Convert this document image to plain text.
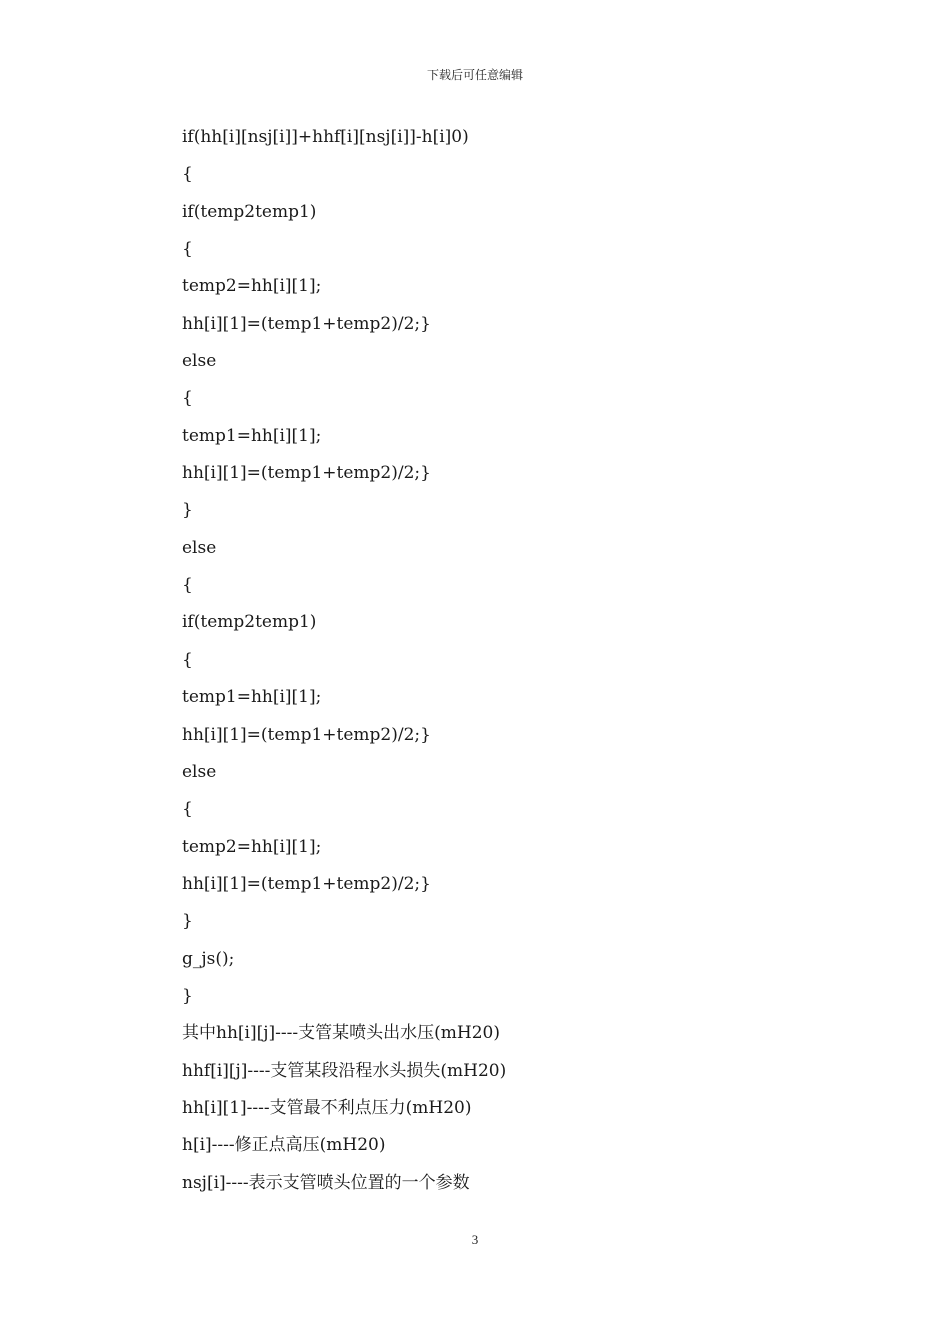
下载后可任意编辑
if(hh[i][nsj[i]]+hhf[i][nsj[i]]-h[i]0)
{
if(temp2temp1)
{
temp2=hh[i][1];
hh[i][1]=(temp1+temp2)/2;}
else
{
temp1=hh[i][1];
hh[i][1]=(temp1+temp2)/2;}
}
else
{
if(temp2temp1)
{
temp1=hh[i][1];
hh[i][1]=(temp1+temp2)/2;}
else
{
temp2=hh[i][1];
hh[i][1]=(temp1+temp2)/2;}
}
g_js();
}
其中hh[i][j]----支管某喷头出水压(mH20)
hhf[i][j]----支管某段沿程水头损失(mH20)
hh[i][1]----支管最不利点压力(mH20)
h[i]----修正点高压(mH20)
nsj[i]----表示支管喷头位置的一个参数
3
